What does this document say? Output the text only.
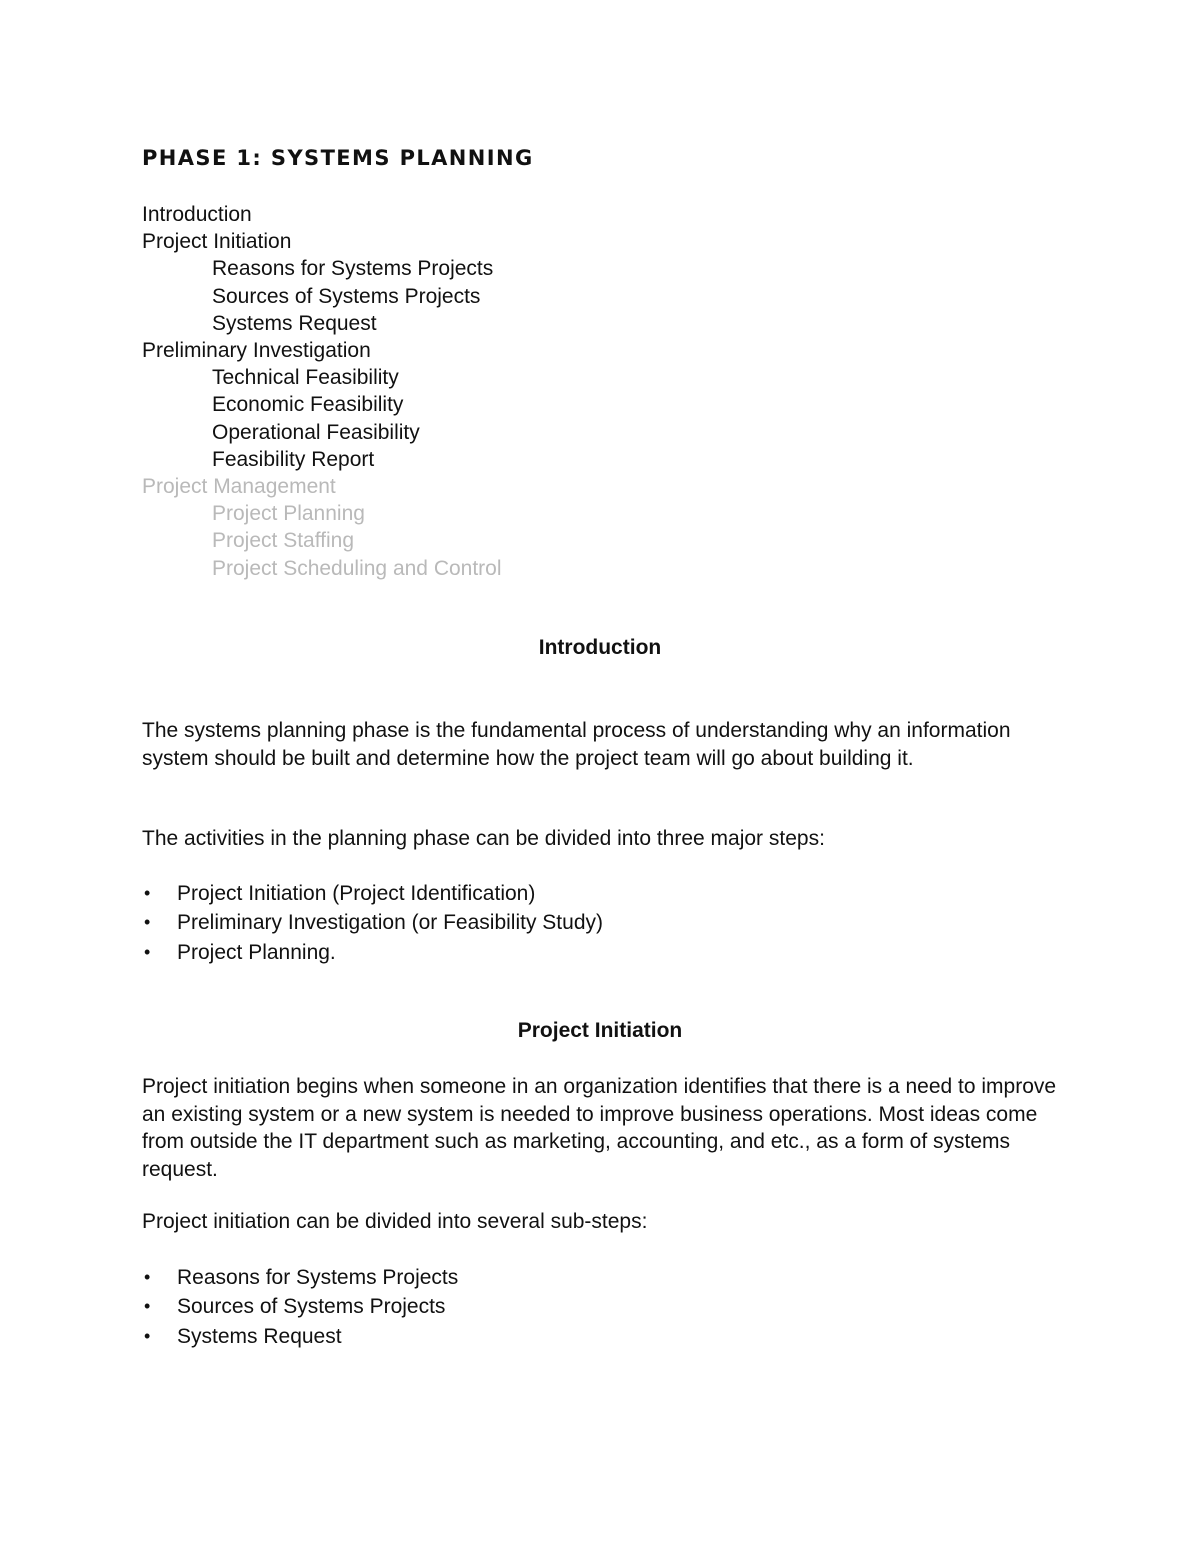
PHASE 1: SYSTEMS PLANNING
Introduction
Project Initiation
Reasons for Systems Projects
Sources of Systems Projects
Systems Request
Preliminary Investigation
Technical Feasibility
Economic Feasibility
Operational Feasibility
Feasibility Report
Project Management
Project Planning
Project Staffing
Project Scheduling and Control
Introduction

The systems planning phase is the fundamental process of understanding why an information system should be built and determine how the project team will go about building it.

The activities in the planning phase can be divided into three major steps:

• Project Initiation (Project Identification)
• Preliminary Investigation (or Feasibility Study)
• Project Planning.
Project Initiation

Project initiation begins when someone in an organization identifies that there is a need to improve an existing system or a new system is needed to improve business operations. Most ideas come from outside the IT department such as marketing, accounting, and etc., as a form of systems request.

Project initiation can be divided into several sub-steps:

• Reasons for Systems Projects
• Sources of Systems Projects
• Systems Request
